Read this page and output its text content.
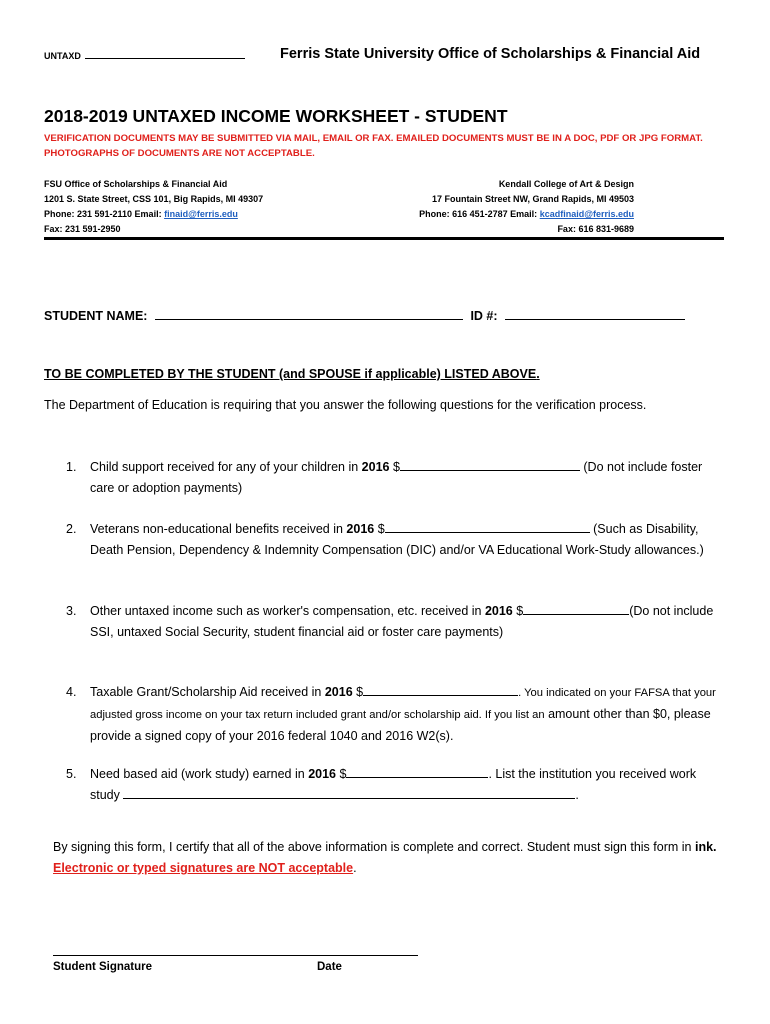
UNTAXD	Ferris State University Office of Scholarships & Financial Aid
2018-2019 UNTAXED INCOME WORKSHEET - STUDENT
VERIFICATION DOCUMENTS MAY BE SUBMITTED VIA MAIL, EMAIL OR FAX. EMAILED DOCUMENTS MUST BE IN A DOC, PDF OR JPG FORMAT. PHOTOGRAPHS OF DOCUMENTS ARE NOT ACCEPTABLE.
FSU Office of Scholarships & Financial Aid
1201 S. State Street, CSS 101, Big Rapids, MI 49307
Phone: 231 591-2110 Email: finaid@ferris.edu
Fax: 231 591-2950
Kendall College of Art & Design
17 Fountain Street NW, Grand Rapids, MI 49503
Phone: 616 451-2787 Email: kcadfinaid@ferris.edu
Fax: 616 831-9689
STUDENT NAME:	ID #:
TO BE COMPLETED BY THE STUDENT (and SPOUSE if applicable) LISTED ABOVE.
The Department of Education is requiring that you answer the following questions for the verification process.
1. Child support received for any of your children in 2016 $	(Do not include foster care or adoption payments)
2. Veterans non-educational benefits received in 2016 $	(Such as Disability, Death Pension, Dependency & Indemnity Compensation (DIC) and/or VA Educational Work-Study allowances.)
3. Other untaxed income such as worker's compensation, etc. received in 2016 $	(Do not include SSI, untaxed Social Security, student financial aid or foster care payments)
4. Taxable Grant/Scholarship Aid received in 2016 $	. You indicated on your FAFSA that your adjusted gross income on your tax return included grant and/or scholarship aid. If you list an amount other than $0, please provide a signed copy of your 2016 federal 1040 and 2016 W2(s).
5. Need based aid (work study) earned in 2016 $	. List the institution you received work study	.
By signing this form, I certify that all of the above information is complete and correct. Student must sign this form in ink. Electronic or typed signatures are NOT acceptable.
Student Signature	Date
